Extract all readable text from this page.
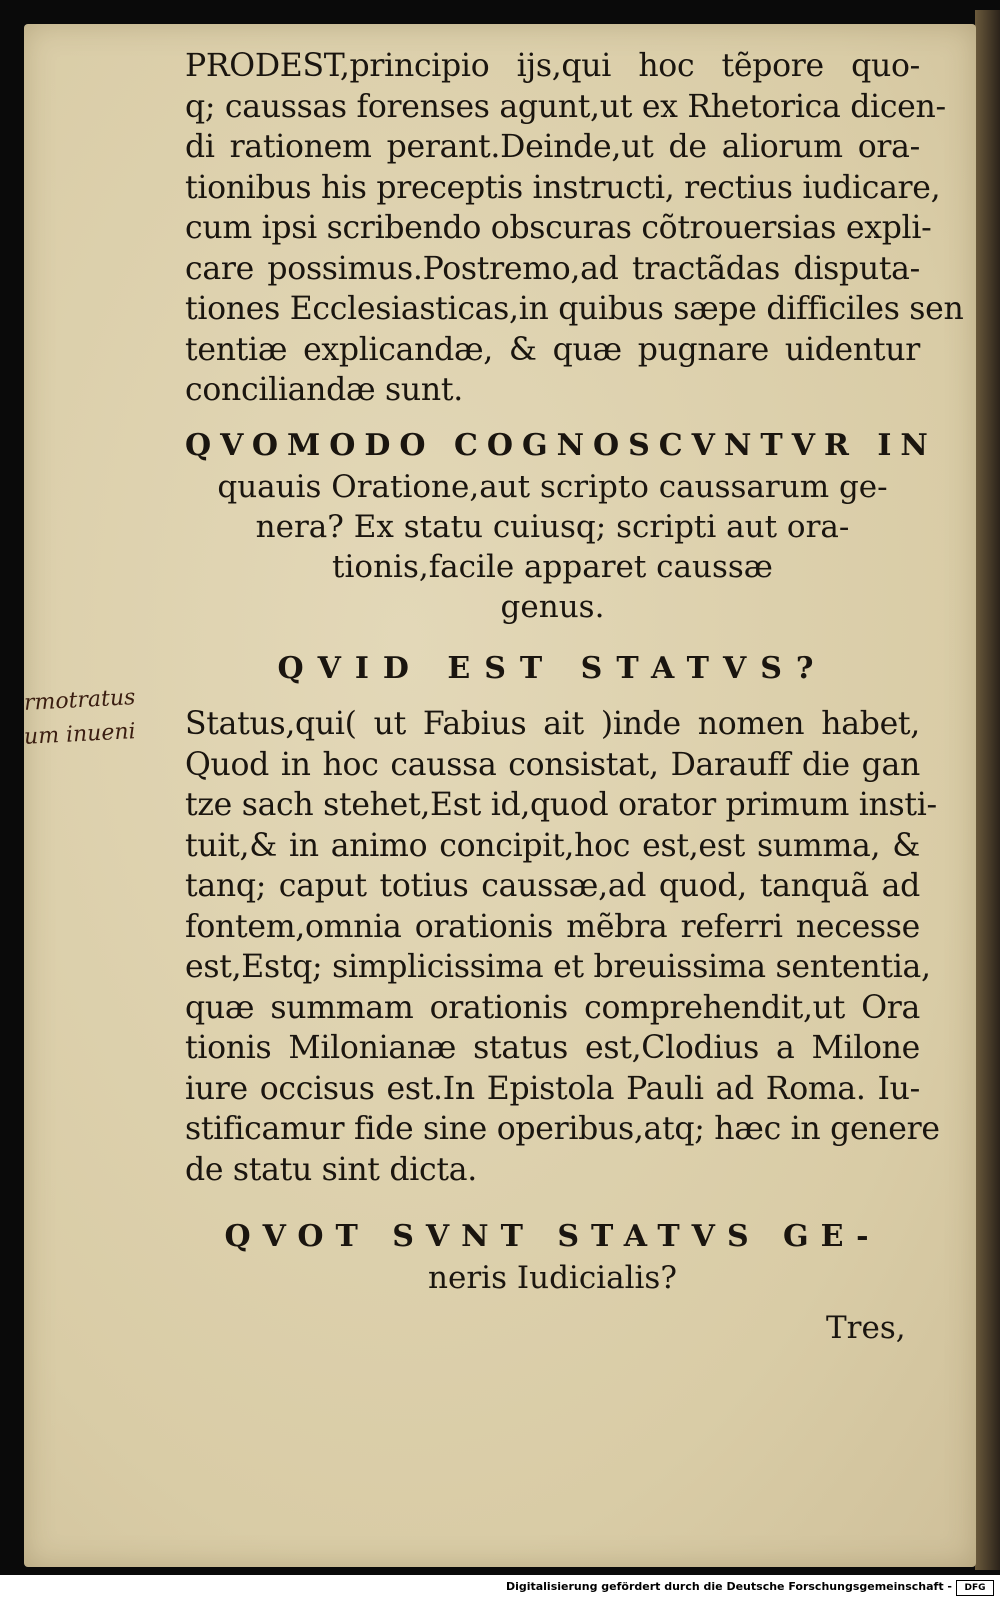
PRODEST,principio ijs,qui hoc tẽpore quo-
q; caussas forenses agunt,ut ex Rhetorica dicen-
di rationem perant.Deinde,ut de aliorum ora-
tionibus his preceptis instructi, rectius iudicare,
cum ipsi scribendo obscuras cõtrouersias expli-
care possimus.Postremo,ad tractãdas disputa-
tiones Ecclesiasticas,in quibus sæpe difficiles sen
tentiæ explicandæ, & quæ pugnare uidentur
conciliandæ sunt.
QVOMODO COGNOSCVNTVR IN
quauis Oratione,aut scripto caussarum ge-
nera? Ex statu cuiusq; scripti aut ora-
tionis,facile apparet caussæ
genus.
QVID EST STATVS?
rmotratus
um inueni Status,qui( ut Fabius ait )inde nomen habet,
Quod in hoc caussa consistat, Darauff die gan
tze sach stehet,Est id,quod orator primum insti-
tuit,& in animo concipit,hoc est,est summa, &
tanq; caput totius caussæ,ad quod, tanquã ad
fontem,omnia orationis mẽbra referri necesse
est,Estq; simplicissima et breuissima sententia,
quæ summam orationis comprehendit,ut Ora
tionis Milonianæ status est,Clodius a Milone
iure occisus est.In Epistola Pauli ad Roma. Iu-
stificamur fide sine operibus,atq; hæc in genere
de statu sint dicta.
QVOT SVNT STATVS GE-
neris Iudicialis?
Tres,
Digitalisierung gefördert durch die Deutsche Forschungsgemeinschaft -	DFG
